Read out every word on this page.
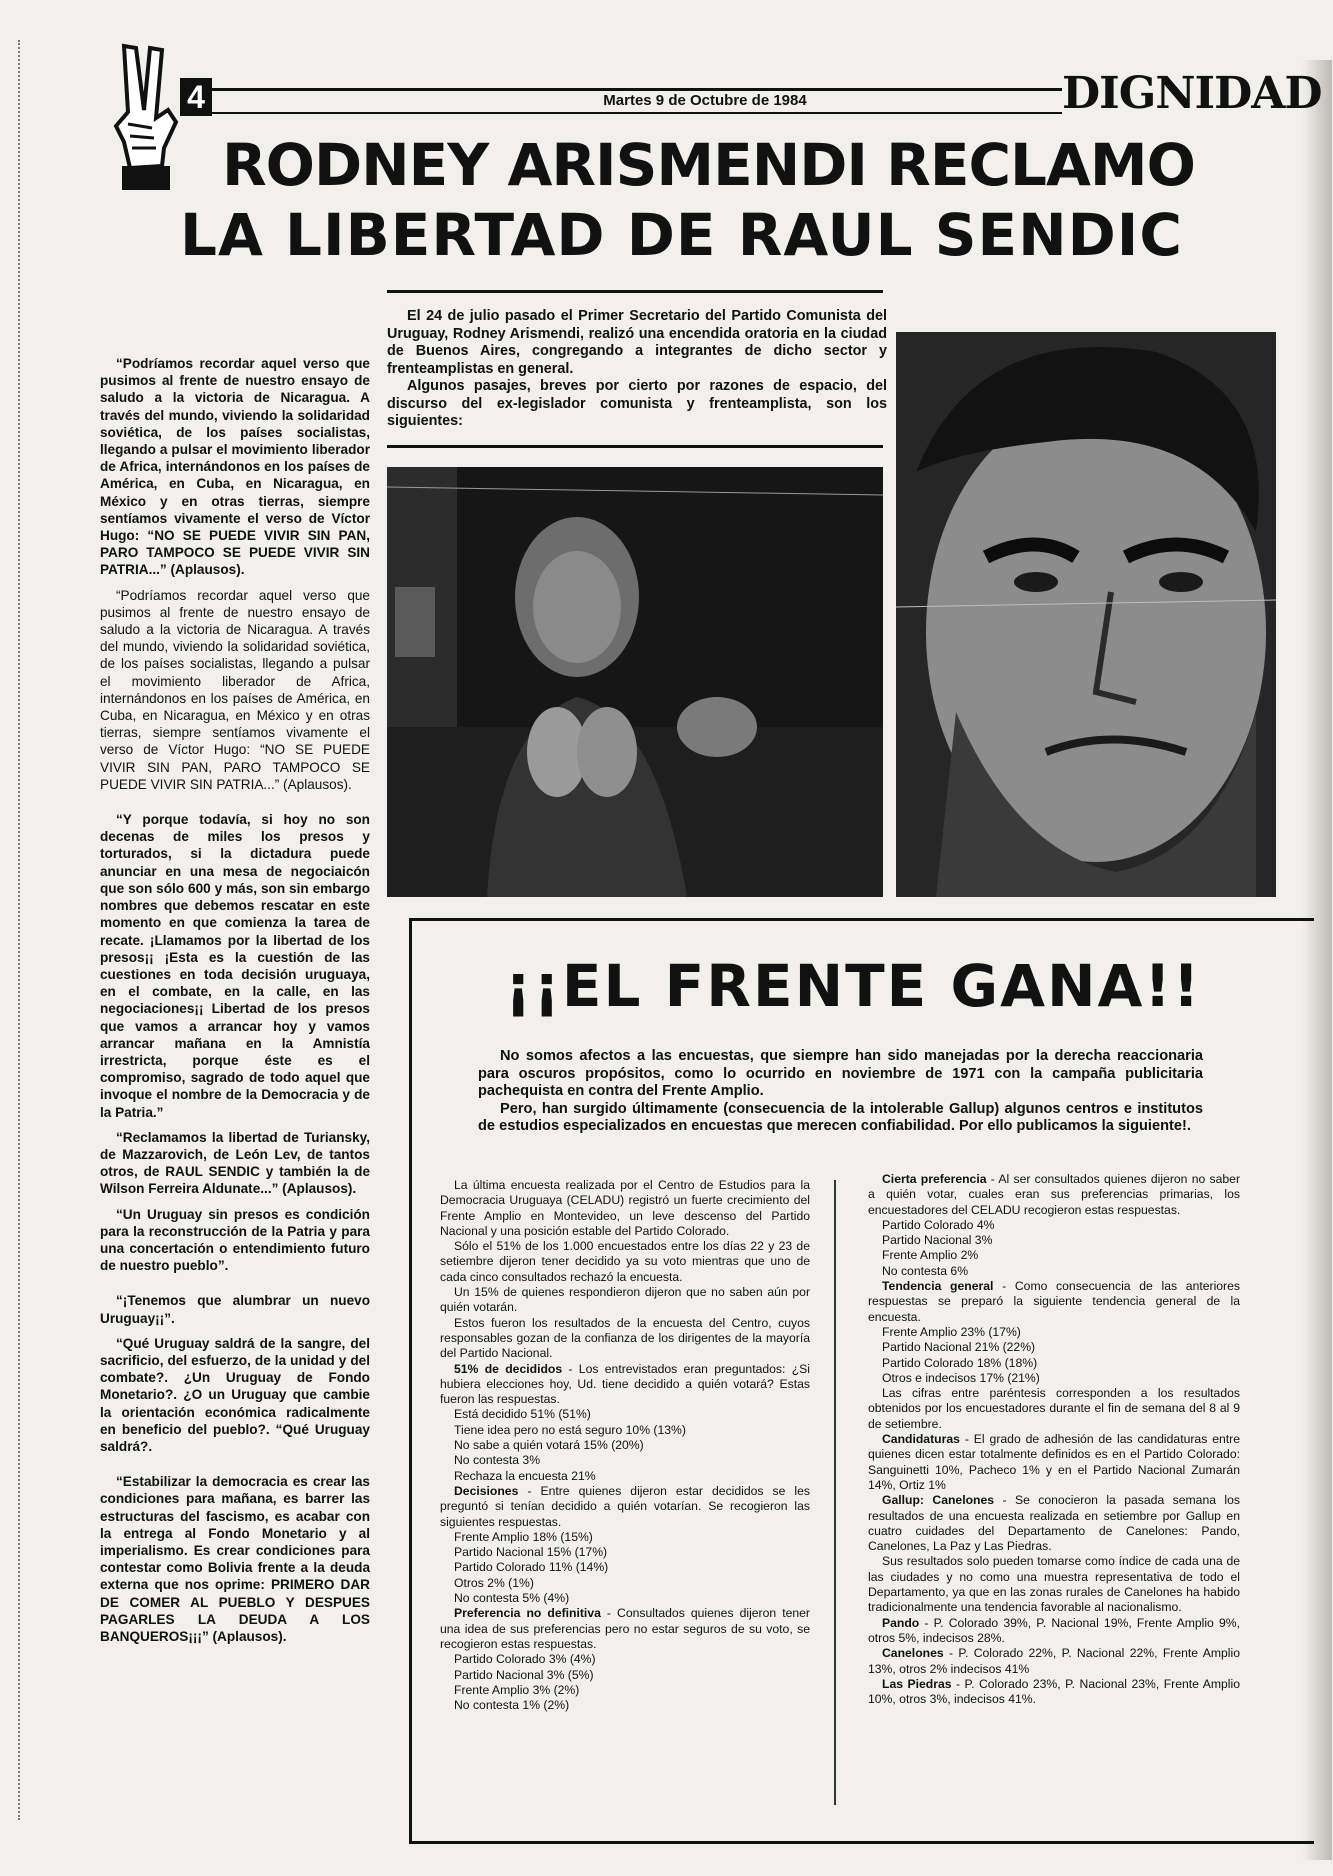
4	Martes 9 de Octubre de 1984	DIGNIDAD
RODNEY ARISMENDI RECLAMO
LA LIBERTAD DE RAUL SENDIC

El 24 de julio pasado el Primer Secretario del Partido Comunista del Uruguay, Rodney Arismendi, realizó una encendida oratoria en la ciudad de Buenos Aires, congregando a integrantes de dicho sector y frenteamplistas en general.

Algunos pasajes, breves por cierto por razones de espacio, del discurso del ex-legislador comunista y frenteamplista, son los siguientes:

“Podríamos recordar aquel verso que pusimos al frente de nuestro ensayo de saludo a la victoria de Nicaragua. A través del mundo, viviendo la solidaridad soviética, de los países socialistas, llegando a pulsar el movimiento liberador de Africa, internándonos en los países de América, en Cuba, en Nicaragua, en México y en otras tierras, siempre sentíamos vivamente el verso de Víctor Hugo: “NO SE PUEDE VIVIR SIN PAN, PARO TAMPOCO SE PUEDE VIVIR SIN PATRIA...” (Aplausos).

“Podríamos recordar aquel verso que pusimos al frente de nuestro ensayo de saludo a la victoria de Nicaragua. A través del mundo, viviendo la solidaridad soviética, de los países socialistas, llegando a pulsar el movimiento liberador de Africa, internándonos en los países de América, en Cuba, en Nicaragua, en México y en otras tierras, siempre sentíamos vivamente el verso de Víctor Hugo: “NO SE PUEDE VIVIR SIN PAN, PARO TAMPOCO SE PUEDE VIVIR SIN PATRIA...” (Aplausos).

“Y porque todavía, si hoy no son decenas de miles los presos y torturados, si la dictadura puede anunciar en una mesa de negociaicón que son sólo 600 y más, son sin embargo nombres que debemos rescatar en este momento en que comienza la tarea de recate. ¡Llamamos por la libertad de los presos¡¡ ¡Esta es la cuestión de las cuestiones en toda decisión uruguaya, en el combate, en la calle, en las negociaciones¡¡ Libertad de los presos que vamos a arrancar hoy y vamos arrancar mañana en la Amnistía irrestricta, porque éste es el compromiso, sagrado de todo aquel que invoque el nombre de la Democracia y de la Patria.”

“Reclamamos la libertad de Turiansky, de Mazzarovich, de León Lev, de tantos otros, de RAUL SENDIC y también la de Wilson Ferreira Aldunate...” (Aplausos).

“Un Uruguay sin presos es condición para la reconstrucción de la Patria y para una concertación o entendimiento futuro de nuestro pueblo”.

“¡Tenemos que alumbrar un nuevo Uruguay¡¡”.

“Qué Uruguay saldrá de la sangre, del sacrificio, del esfuerzo, de la unidad y del combate?. ¿Un Uruguay de Fondo Monetario?. ¿O un Uruguay que cambie la orientación económica radicalmente en beneficio del pueblo?. “Qué Uruguay saldrá?.

“Estabilizar la democracia es crear las condiciones para mañana, es barrer las estructuras del fascismo, es acabar con la entrega al Fondo Monetario y al imperialismo. Es crear condiciones para contestar como Bolivia frente a la deuda externa que nos oprime: PRIMERO DAR DE COMER AL PUEBLO Y DESPUES PAGARLES LA DEUDA A LOS BANQUEROS¡¡¡” (Aplausos).

¡¡EL FRENTE GANA!!

No somos afectos a las encuestas, que siempre han sido manejadas por la derecha reaccionaria para oscuros propósitos, como lo ocurrido en noviembre de 1971 con la campaña publicitaria pachequista en contra del Frente Amplio.

Pero, han surgido últimamente (consecuencia de la intolerable Gallup) algunos centros e institutos de estudios especializados en encuestas que merecen confiabilidad. Por ello publicamos la siguiente!.

La última encuesta realizada por el Centro de Estudios para la Democracia Uruguaya (CELADU) registró un fuerte crecimiento del Frente Amplio en Montevideo, un leve descenso del Partido Nacional y una posición estable del Partido Colorado.

Sólo el 51% de los 1.000 encuestados entre los días 22 y 23 de setiembre dijeron tener decidido ya su voto mientras que uno de cada cinco consultados rechazó la encuesta.

Un 15% de quienes respondieron dijeron que no saben aún por quién votarán.

Estos fueron los resultados de la encuesta del Centro, cuyos responsables gozan de la confianza de los dirigentes de la mayoría del Partido Nacional.

51% de decididos - Los entrevistados eran preguntados: ¿Si hubiera elecciones hoy, Ud. tiene decidido a quién votará? Estas fueron las respuestas.

Está decidido 51% (51%)
Tiene idea pero no está seguro 10% (13%)
No sabe a quién votará 15% (20%)
No contesta 3%
Rechaza la encuesta 21%

Decisiones - Entre quienes dijeron estar decididos se les preguntó si tenían decidido a quién votarían. Se recogieron las siguientes respuestas.

Frente Amplio 18% (15%)
Partido Nacional 15% (17%)
Partido Colorado 11% (14%)
Otros 2% (1%)
No contesta 5% (4%)

Preferencia no definitiva - Consultados quienes dijeron tener una idea de sus preferencias pero no estar seguros de su voto, se recogieron estas respuestas.

Partido Colorado 3% (4%)
Partido Nacional 3% (5%)
Frente Amplio 3% (2%)
No contesta 1% (2%)

Cierta preferencia - Al ser consultados quienes dijeron no saber a quién votar, cuales eran sus preferencias primarias, los encuestadores del CELADU recogieron estas respuestas.

Partido Colorado 4%
Partido Nacional 3%
Frente Amplio 2%
No contesta 6%

Tendencia general - Como consecuencia de las anteriores respuestas se preparó la siguiente tendencia general de la encuesta.

Frente Amplio 23% (17%)
Partido Nacional 21% (22%)
Partido Colorado 18% (18%)
Otros e indecisos 17% (21%)

Las cifras entre paréntesis corresponden a los resultados obtenidos por los encuestadores durante el fin de semana del 8 al 9 de setiembre.

Candidaturas - El grado de adhesión de las candidaturas entre quienes dicen estar totalmente definidos es en el Partido Colorado: Sanguinetti 10%, Pacheco 1% y en el Partido Nacional Zumarán 14%, Ortiz 1%

Gallup: Canelones - Se conocieron la pasada semana los resultados de una encuesta realizada en setiembre por Gallup en cuatro cuidades del Departamento de Canelones: Pando, Canelones, La Paz y Las Piedras.

Sus resultados solo pueden tomarse como índice de cada una de las ciudades y no como una muestra representativa de todo el Departamento, ya que en las zonas rurales de Canelones ha habido tradicionalmente una tendencia favorable al nacionalismo.

Pando - P. Colorado 39%, P. Nacional 19%, Frente Amplio 9%, otros 5%, indecisos 28%.

Canelones - P. Colorado 22%, P. Nacional 22%, Frente Amplio 13%, otros 2% indecisos 41%

Las Piedras - P. Colorado 23%, P. Nacional 23%, Frente Amplio 10%, otros 3%, indecisos 41%.
